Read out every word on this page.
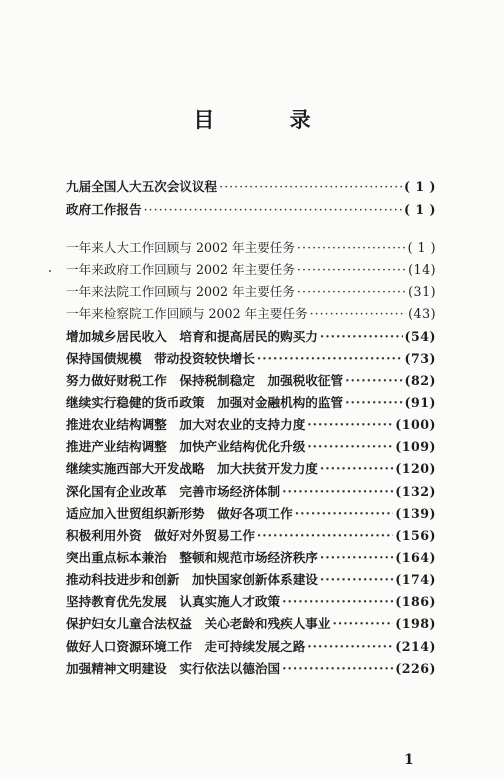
目 录
九届全国人大五次会议议程 ·····	( 1 )
政府工作报告 ·····	( 1 )
一年来人大工作回顾与 2002 年主要任务 ·····	( 1 )
一年来政府工作回顾与 2002 年主要任务 ·····	(14)
一年来法院工作回顾与 2002 年主要任务 ·····	(31)
一年来检察院工作回顾与 2002 年主要任务 ·····	(43)
增加城乡居民收入　培育和提高居民的购买力 ·····	(54)
保持国债规模　带动投资较快增长 ·····	(73)
努力做好财税工作　保持税制稳定　加强税收征管 ·····	(82)
继续实行稳健的货币政策　加强对金融机构的监管 ·····	(91)
推进农业结构调整　加大对农业的支持力度 ·····	(100)
推进产业结构调整　加快产业结构优化升级 ·····	(109)
继续实施西部大开发战略　加大扶贫开发力度 ·····	(120)
深化国有企业改革　完善市场经济体制 ·····	(132)
适应加入世贸组织新形势　做好各项工作 ·····	(139)
积极利用外资　做好对外贸易工作 ·····	(156)
突出重点标本兼治　整顿和规范市场经济秩序 ·····	(164)
推动科技进步和创新　加快国家创新体系建设 ·····	(174)
坚持教育优先发展　认真实施人才政策 ·····	(186)
保护妇女儿童合法权益　关心老龄和残疾人事业 ·····	(198)
做好人口资源环境工作　走可持续发展之路 ·····	(214)
加强精神文明建设　实行依法以德治国 ·····	(226)
1
